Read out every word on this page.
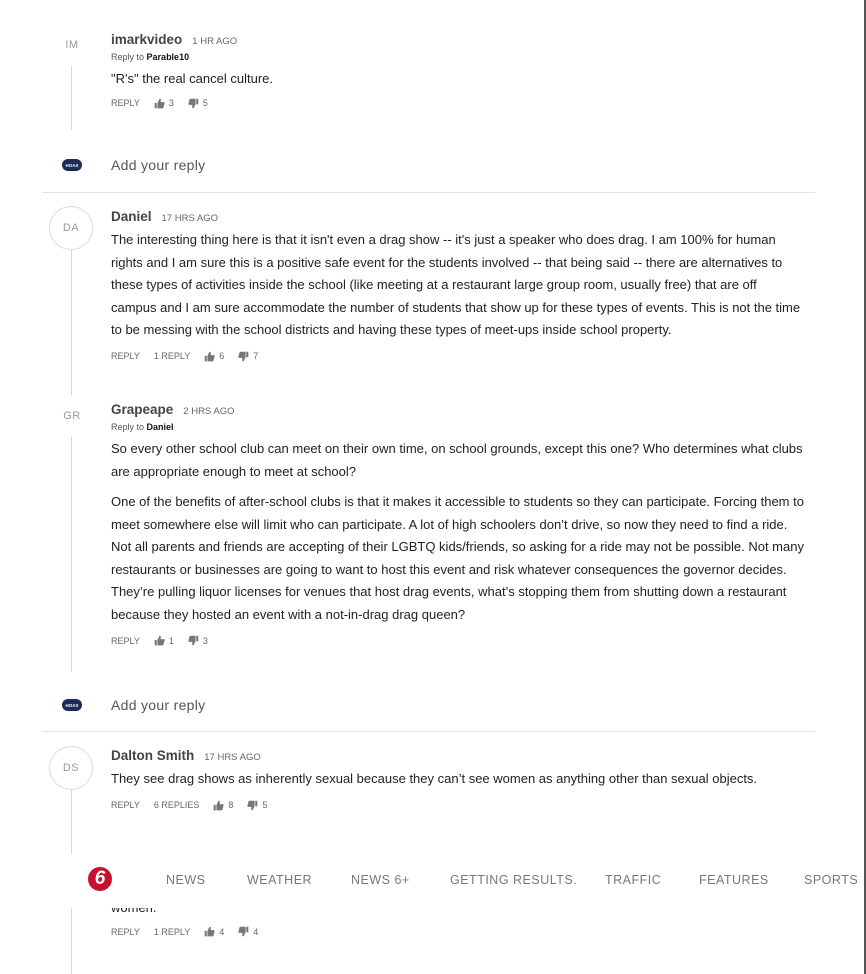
IM imarkvideo 1 HR AGO
Reply to Parable10

"R's" the real cancel culture.

REPLY	3	5
HOAX Add your reply
DA
Daniel 17 HRS AGO

The interesting thing here is that it isn't even a drag show -- it's just a speaker who does drag. I am 100% for human rights and I am sure this is a positive safe event for the students involved -- that being said -- there are alternatives to these types of activities inside the school (like meeting at a restaurant large group room, usually free) that are off campus and I am sure accommodate the number of students that show up for these types of events. This is not the time to be messing with the school districts and having these types of meet-ups inside school property.

REPLY 1 REPLY	6	7
GR Grapeape 2 HRS AGO
Reply to Daniel

So every other school club can meet on their own time, on school grounds, except this one? Who determines what clubs are appropriate enough to meet at school?

One of the benefits of after-school clubs is that it makes it accessible to students so they can participate. Forcing them to meet somewhere else will limit who can participate. A lot of high schoolers don’t drive, so now they need to find a ride. Not all parents and friends are accepting of their LGBTQ kids/friends, so asking for a ride may not be possible. Not many restaurants or businesses are going to want to host this event and risk whatever consequences the governor decides. They’re pulling liquor licenses for venues that host drag events, what’s stopping them from shutting down a restaurant because they hosted an event with a not-in-drag drag queen?

REPLY	1	3
HOAX Add your reply
DS
Dalton Smith 17 HRS AGO

They see drag shows as inherently sexual because they can’t see women as anything other than sexual objects.

REPLY 6 REPLIES	8	5
REPLY 1 REPLY	4	4
6	NEWS	WEATHER	NEWS 6+	GETTING RESULTS. TRAFFIC	FEATURES	SPORTS
